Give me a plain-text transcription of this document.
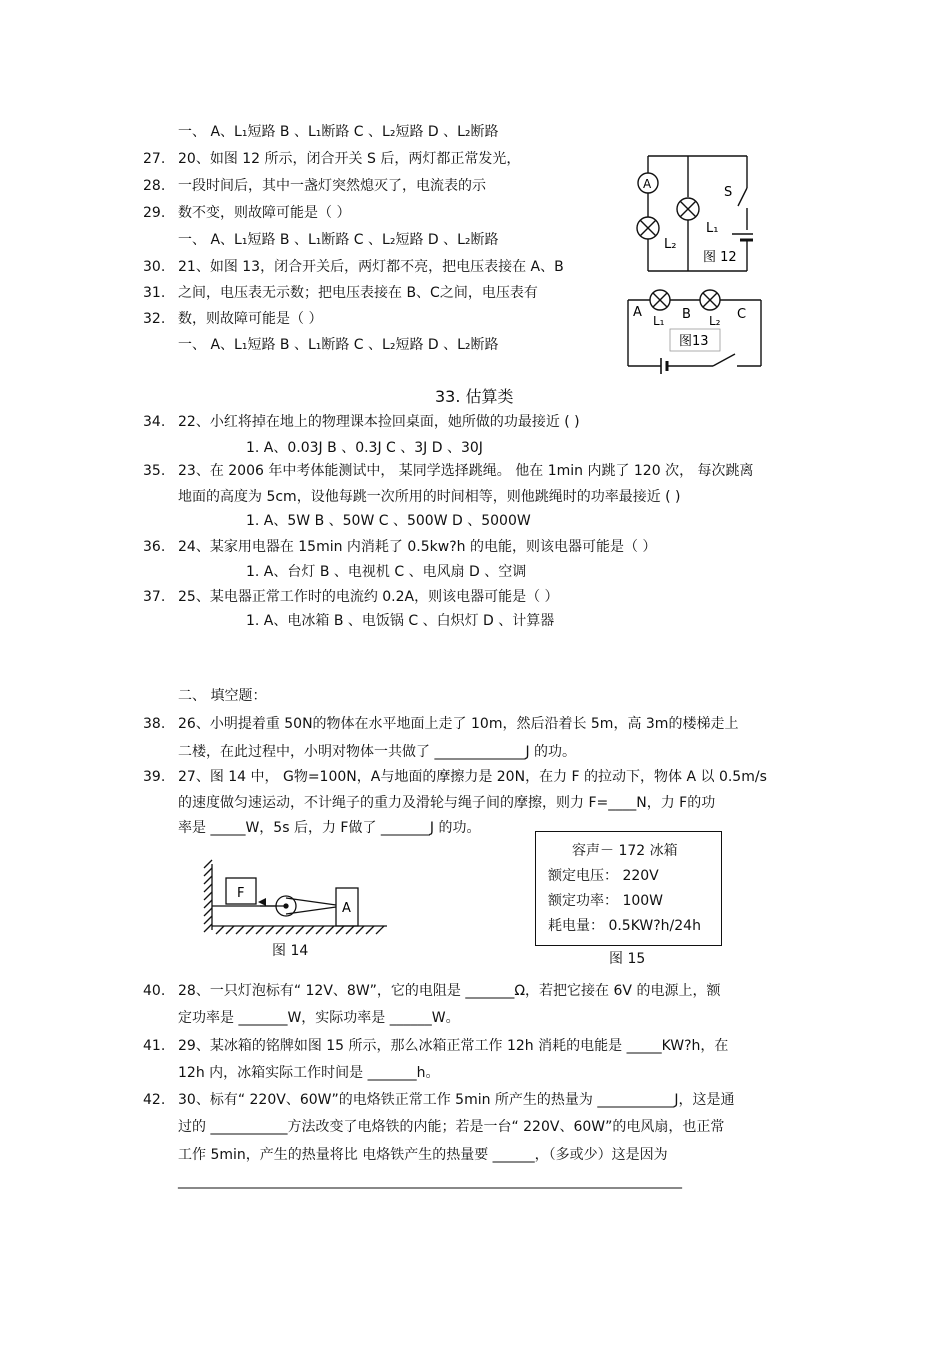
一、 A、L₁短路 B 、L₁断路 C 、L₂短路 D 、L₂断路
27. 20、如图 12 所示，闭合开关 S 后，两灯都正常发光，
28. 一段时间后，其中一盏灯突然熄灭了，电流表的示
29. 数不变，则故障可能是（ ）
一、 A、L₁短路 B 、L₁断路 C 、L₂短路 D 、L₂断路
30. 21、如图 13，闭合开关后，两灯都不亮，把电压表接在 A、B
31. 之间，电压表无示数；把电压表接在 B、C之间，电压表有
32. 数，则故障可能是（ ）
一、 A、L₁短路 B 、L₁断路 C 、L₂短路 D 、L₂断路
33. 估算类
34. 22、小红将掉在地上的物理课本捡回桌面，她所做的功最接近 ( )
1. A、0.03J B 、0.3J C 、3J D 、30J
35. 23、在 2006 年中考体能测试中， 某同学选择跳绳。 他在 1min 内跳了 120 次， 每次跳离
地面的高度为 5cm，设他每跳一次所用的时间相等，则他跳绳时的功率最接近 ( )
1. A、5W B 、50W C 、500W D 、5000W
36. 24、某家用电器在 15min 内消耗了 0.5kw?h 的电能，则该电器可能是（ ）
1. A、台灯 B 、电视机 C 、电风扇 D 、空调
37. 25、某电器正常工作时的电流约 0.2A，则该电器可能是（ ）
1. A、电冰箱 B 、电饭锅 C 、白炽灯 D 、计算器
二、 填空题：
38. 26、小明提着重 50N的物体在水平地面上走了 10m，然后沿着长 5m，高 3m的楼梯走上
二楼，在此过程中，小明对物体一共做了 _____________J 的功。
39. 27、图 14 中， G物=100N，A与地面的摩擦力是 20N，在力 F 的拉动下，物体 A 以 0.5m/s
的速度做匀速运动，不计绳子的重力及滑轮与绳子间的摩擦，则力 F=____N，力 F的功
率是 _____W，5s 后，力 F做了 _______J 的功。
40. 28、一只灯泡标有“ 12V、8W”，它的电阻是 _______Ω，若把它接在 6V 的电源上，额
定功率是 _______W，实际功率是 ______W。
41. 29、某冰箱的铭牌如图 15 所示，那么冰箱正常工作 12h 消耗的电能是 _____KW?h，在
12h 内，冰箱实际工作时间是 _______h。
42. 30、标有“ 220V、60W”的电烙铁正常工作 5min 所产生的热量为 ___________J，这是通
过的 ___________方法改变了电烙铁的内能；若是一台“ 220V、60W”的电风扇，也正常
工作 5min，产生的热量将比 电烙铁产生的热量要 ______，（多或少）这是因为
________________________________________________________________________
A
S
L₁
L₂
图 12
A
L₁ B L₂ C
图13
F
A
图 14
容声－ 172 冰箱
额定电压： 220V
额定功率： 100W
耗电量： 0.5KW?h/24h
图 15
